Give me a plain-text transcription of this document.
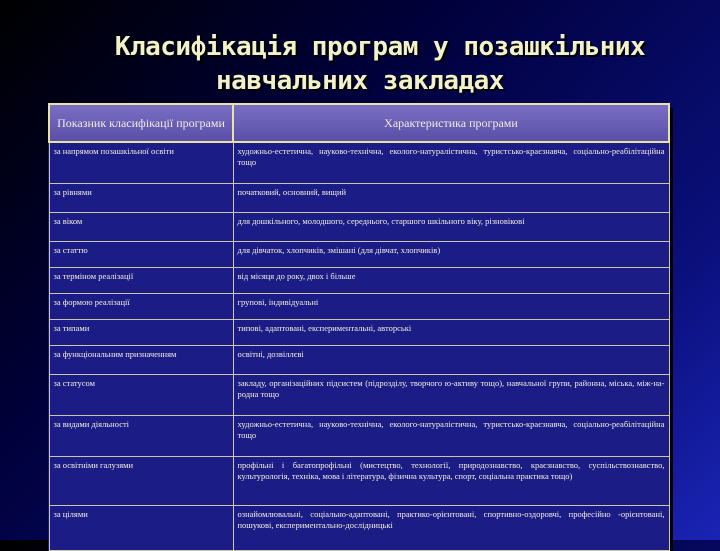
Класифікація програм у позашкільних
навчальних закладах
Показник класифікації програми	Характеристика програми
за напрямом позашкільної освіти	художньо-естетична, науково-технічна, еколого-натуралістична, туристсько-краєзнавча, соціально-реабілітаційна тощо
за рівнями	початковий, основний, вищий
за віком	для дошкільного, молодшого, середнього, старшого шкільного віку, різновікові
за статтю	для дівчаток, хлопчиків, змішані (для дівчат, хлопчиків)
за терміном реалізації	від місяця до року, двох і більше
за формою реалізації	групові, індивідуальні
за типами	типові, адаптовані, експериментальні, авторські
за функціональним призначенням	освітні, дозвіллєві
за статусом	закладу, організаційних підсистем (підрозділу, творчого ю-активу тощо), навчальної групи, районна, міська, між-на-родна тощо
за видами діяльності	художньо-естетична, науково-технічна, еколого-натуралістична, туристсько-краєзнавча, соціально-реабілітаційна тощо
за освітніми галузями	профільні і багатопрофільні (мистецтво, технології, природознавство, краєзнавство, суспільствознавство, культурологія, техніка, мова і література, фізична культура, спорт, соціальна практика тощо)
за цілями	ознайомлювальні, соціально-адаптовані, практико-орієнтовані, спортивно-оздоровчі, професійно -орієнтовані, пошукові, експериментально-дослідницькі
